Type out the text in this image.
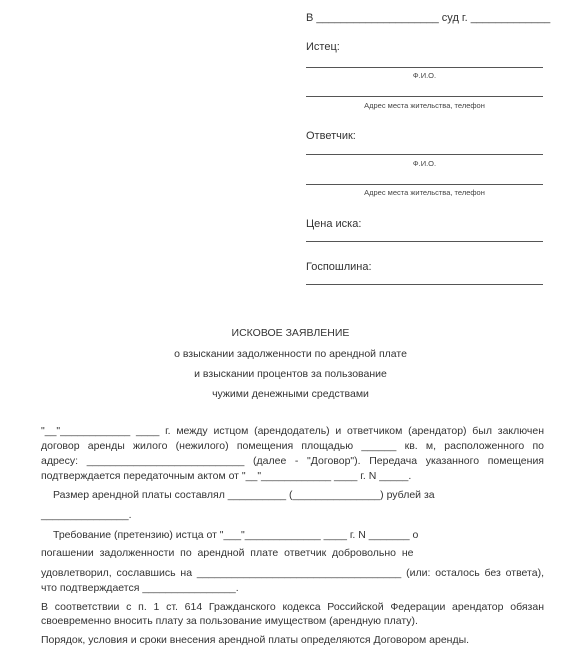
В ____________________ суд г. _____________
Истец:
Ф.И.О.
Адрес места жительства, телефон
Ответчик:
Ф.И.О.
Адрес места жительства, телефон
Цена иска:
Госпошлина:
ИСКОВОЕ ЗАЯВЛЕНИЕ
о взыскании задолженности по арендной плате
и взыскании процентов за пользование
чужими денежными средствами
"__"____________ ____ г. между истцом (арендодатель) и ответчиком (арендатор) был заключен
договор аренды жилого (нежилого) помещения площадью ______ кв. м, расположенного по
адресу: ___________________________ (далее - "Договор"). Передача указанного помещения
подтверждается передаточным актом от "__"____________ ____ г. N _____.
Размер арендной платы составлял __________ (_______________) рублей за
_______________.
Требование (претензию) истца от "___"_____________ ____ г. N _______ о
погашении  задолженности  по  арендной  плате  ответчик  добровольно  не
удовлетворил, сославшись на ___________________________________ (или: осталось без ответа),
что подтверждается ________________.
В соответствии с п. 1 ст. 614 Гражданского кодекса Российской Федерации арендатор обязан
своевременно вносить плату за пользование имуществом (арендную плату).
Порядок, условия и сроки внесения арендной платы определяются Договором аренды.
